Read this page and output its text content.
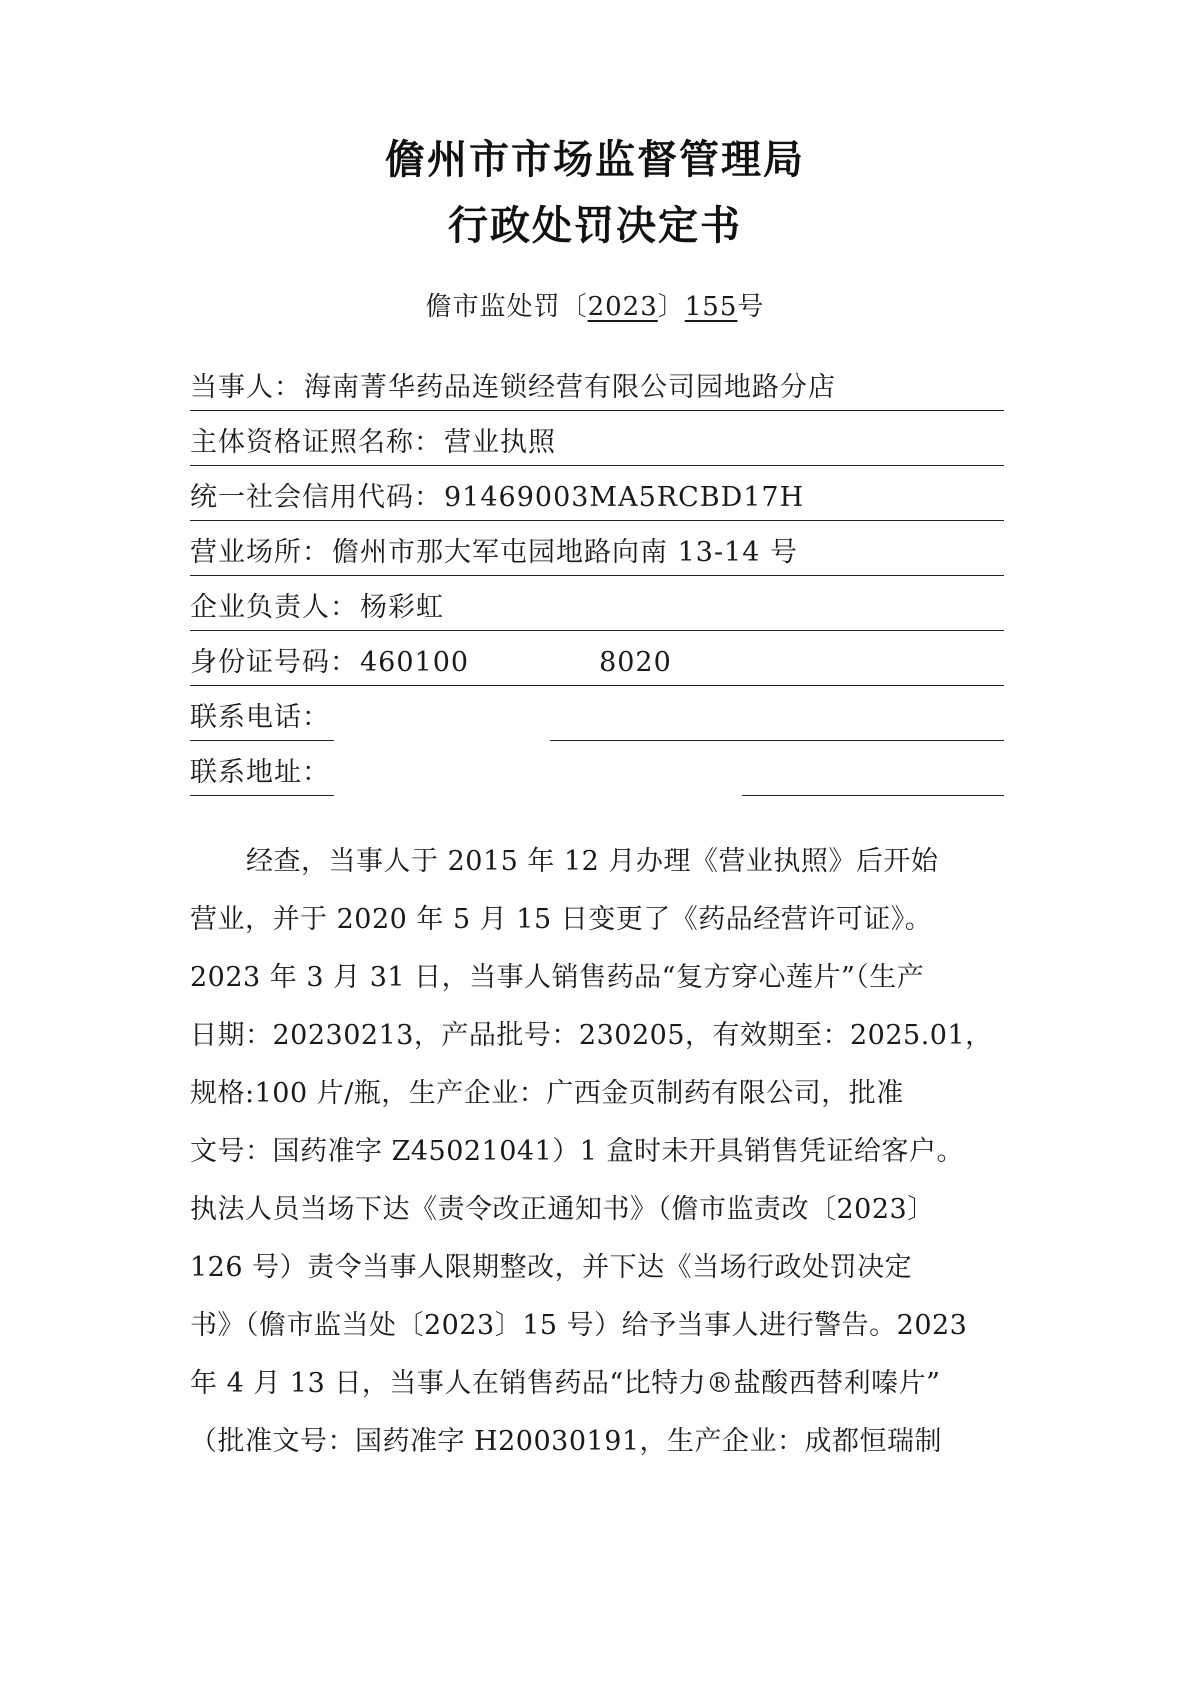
儋州市市场监督管理局
行政处罚决定书
儋市监处罚〔2023〕155号
当事人：海南菁华药品连锁经营有限公司园地路分店
主体资格证照名称：营业执照
统一社会信用代码：91469003MA5RCBD17H
营业场所：儋州市那大军屯园地路向南 13-14 号
企业负责人：杨彩虹
身份证号码：460100	8020
联系电话：
联系地址：
经查，当事人于 2015 年 12 月办理《营业执照》后开始
营业，并于 2020 年 5 月 15 日变更了《药品经营许可证》。
2023 年 3 月 31 日，当事人销售药品“复方穿心莲片”（生产
日期：20230213，产品批号：230205，有效期至：2025.01，
规格:100 片/瓶，生产企业：广西金页制药有限公司，批准
文号：国药准字 Z45021041）1 盒时未开具销售凭证给客户。
执法人员当场下达《责令改正通知书》（儋市监责改〔2023〕
126 号）责令当事人限期整改，并下达《当场行政处罚决定
书》（儋市监当处〔2023〕15 号）给予当事人进行警告。2023
年 4 月 13 日，当事人在销售药品“比特力®盐酸西替利嗪片”
（批准文号：国药准字 H20030191，生产企业：成都恒瑞制
